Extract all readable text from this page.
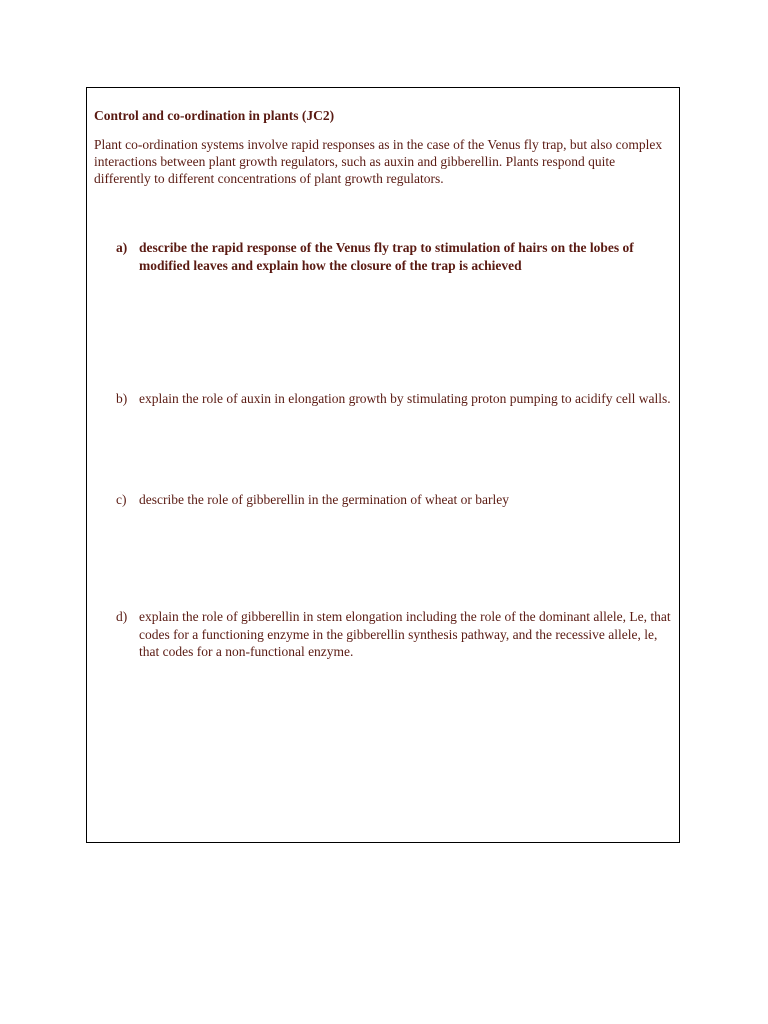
Control and co-ordination in plants (JC2)

Plant co-ordination systems involve rapid responses as in the case of the Venus fly trap, but also complex interactions between plant growth regulators, such as auxin and gibberellin. Plants respond quite differently to different concentrations of plant growth regulators.

a) describe the rapid response of the Venus fly trap to stimulation of hairs on the lobes of modified leaves and explain how the closure of the trap is achieved
b) explain the role of auxin in elongation growth by stimulating proton pumping to acidify cell walls.
c) describe the role of gibberellin in the germination of wheat or barley
d) explain the role of gibberellin in stem elongation including the role of the dominant allele, Le, that codes for a functioning enzyme in the gibberellin synthesis pathway, and the recessive allele, le, that codes for a non-functional enzyme.
